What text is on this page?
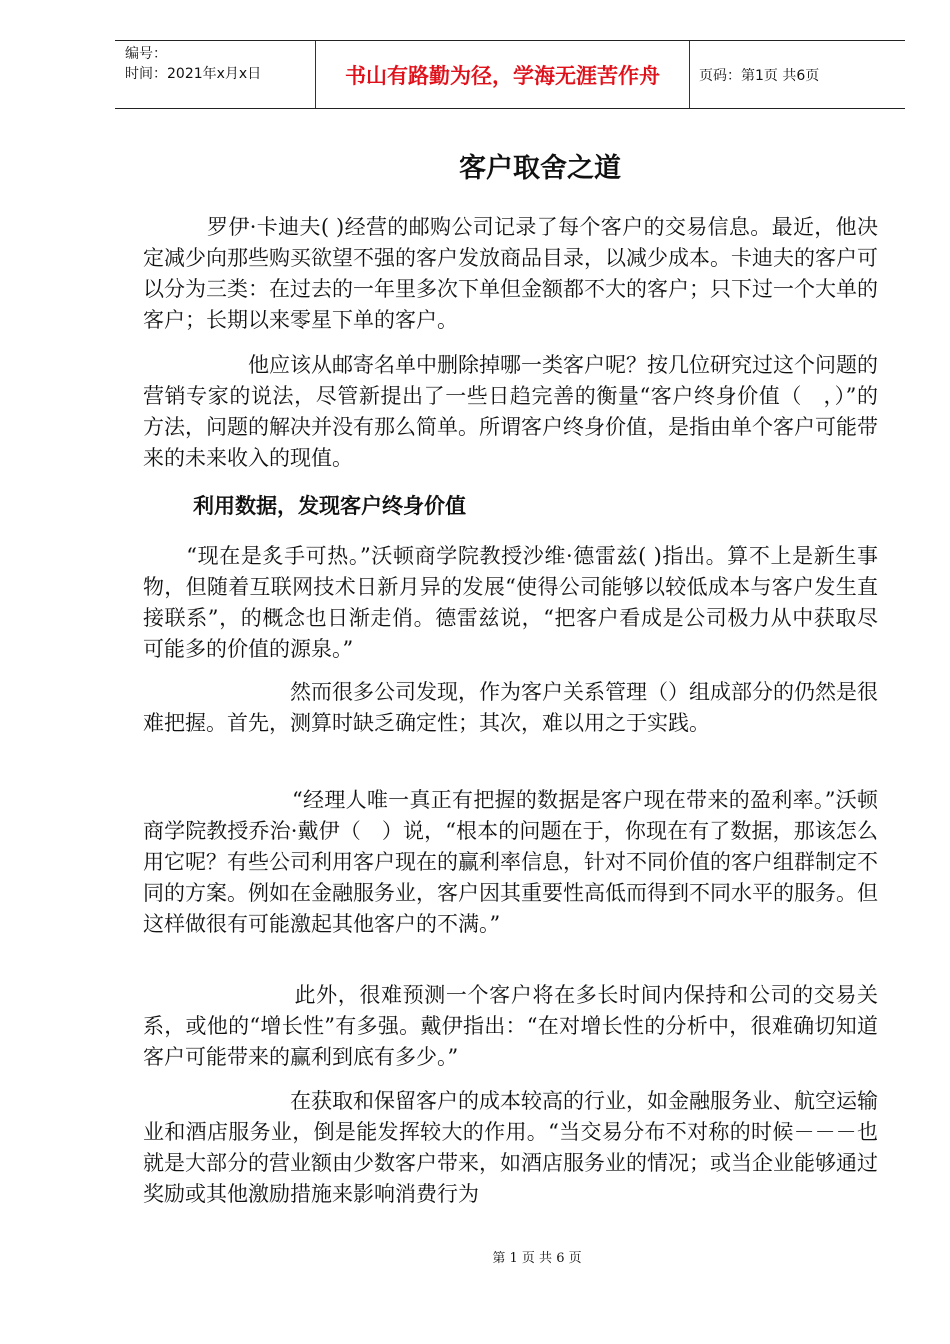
编号：
时间：2021年x月x日	书山有路勤为径，学海无涯苦作舟	页码：第1页 共6页
客户取舍之道

　　　罗伊·卡迪夫( )经营的邮购公司记录了每个客户的交易信息。最近，他决定减少向那些购买欲望不强的客户发放商品目录，以减少成本。卡迪夫的客户可以分为三类：在过去的一年里多次下单但金额都不大的客户；只下过一个大单的客户；长期以来零星下单的客户。

　　　　　他应该从邮寄名单中删除掉哪一类客户呢？按几位研究过这个问题的营销专家的说法，尽管新提出了一些日趋完善的衡量“客户终身价值（　，）”的方法，问题的解决并没有那么简单。所谓客户终身价值，是指由单个客户可能带来的未来收入的现值。

利用数据，发现客户终身价值

　　“现在是炙手可热。”沃顿商学院教授沙维·德雷兹( )指出。算不上是新生事物，但随着互联网技术日新月异的发展“使得公司能够以较低成本与客户发生直接联系”，的概念也日渐走俏。德雷兹说，“把客户看成是公司极力从中获取尽可能多的价值的源泉。”

　　　　　　　然而很多公司发现，作为客户关系管理（）组成部分的仍然是很难把握。首先，测算时缺乏确定性；其次，难以用之于实践。

　　　　　　　“经理人唯一真正有把握的数据是客户现在带来的盈利率。”沃顿商学院教授乔治·戴伊（　）说，“根本的问题在于，你现在有了数据，那该怎么用它呢？有些公司利用客户现在的赢利率信息，针对不同价值的客户组群制定不同的方案。例如在金融服务业，客户因其重要性高低而得到不同水平的服务。但这样做很有可能激起其他客户的不满。”

　　　　　　　此外，很难预测一个客户将在多长时间内保持和公司的交易关系，或他的“增长性”有多强。戴伊指出：“在对增长性的分析中，很难确切知道客户可能带来的赢利到底有多少。”

　　　　　　　在获取和保留客户的成本较高的行业，如金融服务业、航空运输业和酒店服务业，倒是能发挥较大的作用。“当交易分布不对称的时候－－－也就是大部分的营业额由少数客户带来，如酒店服务业的情况；或当企业能够通过奖励或其他激励措施来影响消费行为

第 1 页 共 6 页
